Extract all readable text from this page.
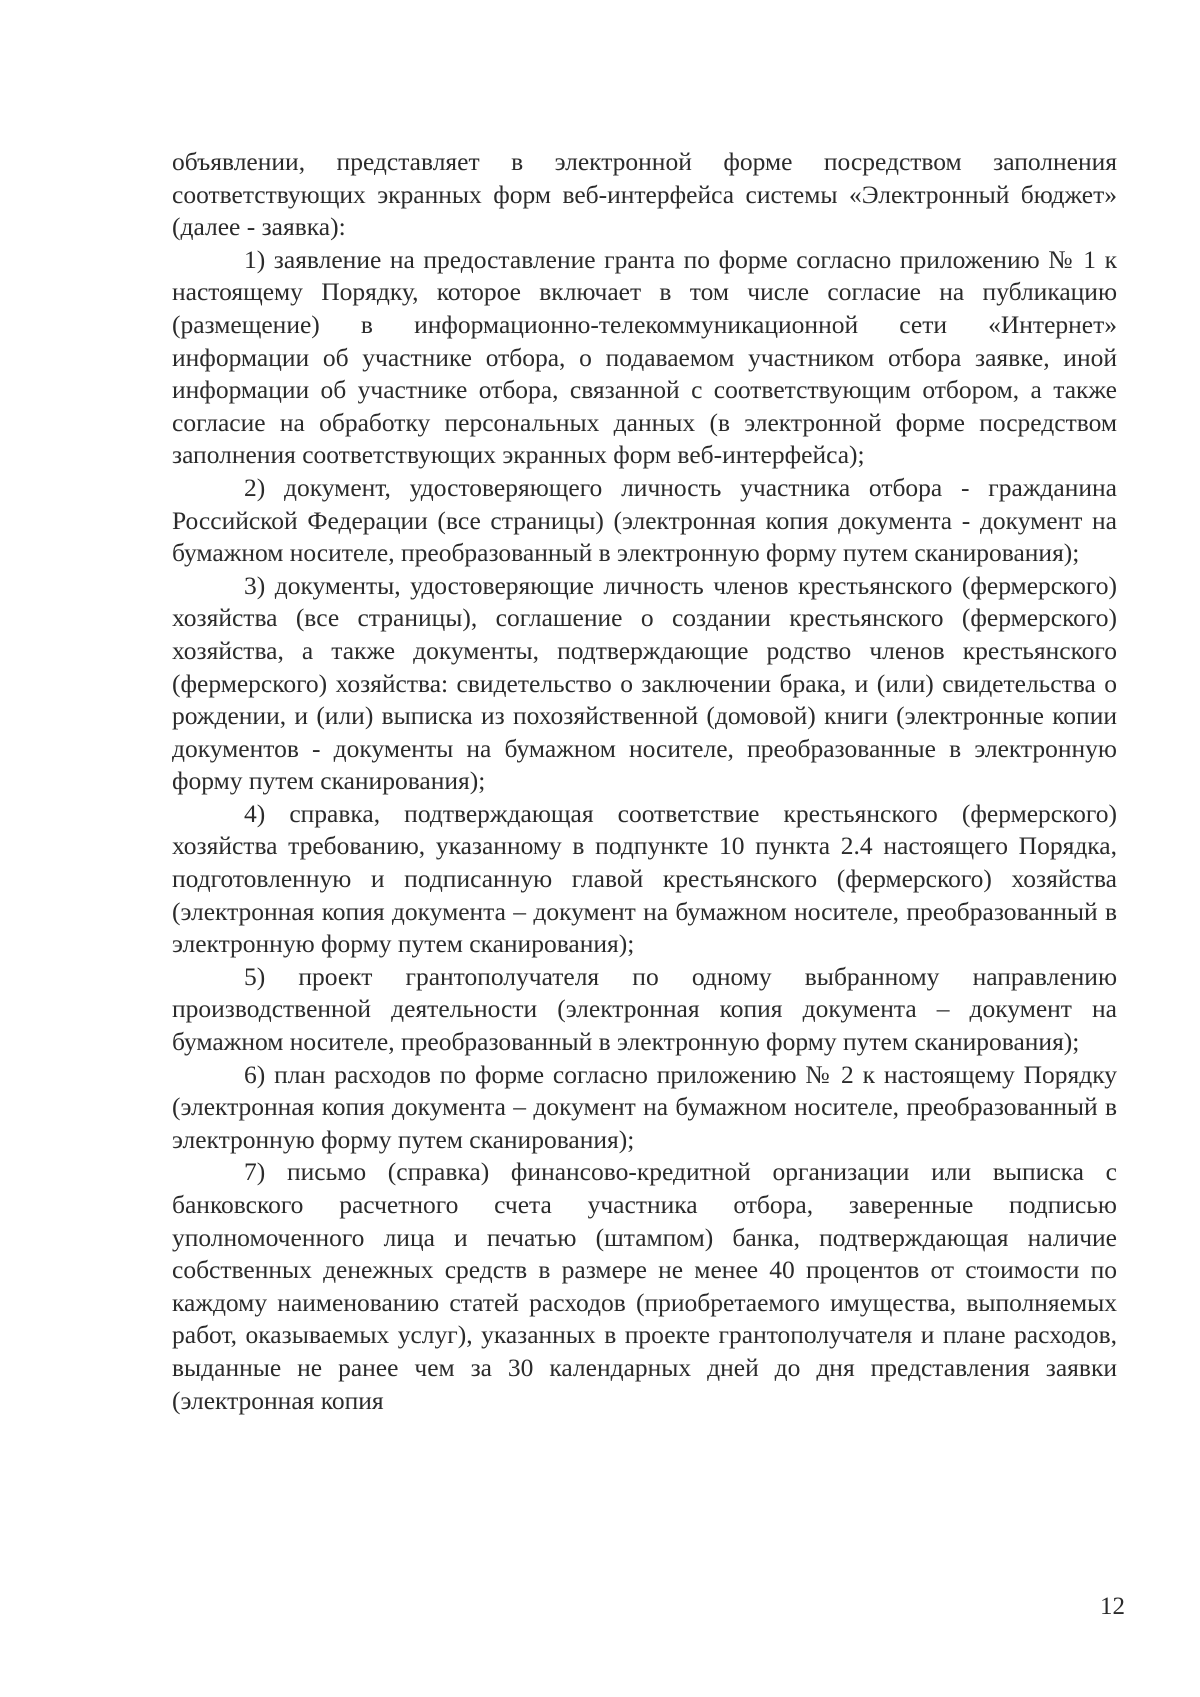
объявлении, представляет в электронной форме посредством заполнения соответствующих экранных форм веб-интерфейса системы «Электронный бюджет» (далее - заявка):

1) заявление на предоставление гранта по форме согласно приложению № 1 к настоящему Порядку, которое включает в том числе согласие на публикацию (размещение) в информационно-телекоммуникационной сети «Интернет» информации об участнике отбора, о подаваемом участником отбора заявке, иной информации об участнике отбора, связанной с соответствующим отбором, а также согласие на обработку персональных данных (в электронной форме посредством заполнения соответствующих экранных форм веб-интерфейса);

2) документ, удостоверяющего личность участника отбора - гражданина Российской Федерации (все страницы) (электронная копия документа - документ на бумажном носителе, преобразованный в электронную форму путем сканирования);

3) документы, удостоверяющие личность членов крестьянского (фермерского) хозяйства (все страницы), соглашение о создании крестьянского (фермерского) хозяйства, а также документы, подтверждающие родство членов крестьянского (фермерского) хозяйства: свидетельство о заключении брака, и (или) свидетельства о рождении, и (или) выписка из похозяйственной (домовой) книги (электронные копии документов - документы на бумажном носителе, преобразованные в электронную форму путем сканирования);

4) справка, подтверждающая соответствие крестьянского (фермерского) хозяйства требованию, указанному в подпункте 10 пункта 2.4 настоящего Порядка, подготовленную и подписанную главой крестьянского (фермерского) хозяйства (электронная копия документа – документ на бумажном носителе, преобразованный в электронную форму путем сканирования);

5) проект грантополучателя по одному выбранному направлению производственной деятельности (электронная копия документа – документ на бумажном носителе, преобразованный в электронную форму путем сканирования);

6) план расходов по форме согласно приложению № 2 к настоящему Порядку (электронная копия документа – документ на бумажном носителе, преобразованный в электронную форму путем сканирования);

7) письмо (справка) финансово-кредитной организации или выписка с банковского расчетного счета участника отбора, заверенные подписью уполномоченного лица и печатью (штампом) банка, подтверждающая наличие собственных денежных средств в размере не менее 40 процентов от стоимости по каждому наименованию статей расходов (приобретаемого имущества, выполняемых работ, оказываемых услуг), указанных в проекте грантополучателя и плане расходов, выданные не ранее чем за 30 календарных дней до дня представления заявки (электронная копия

12
